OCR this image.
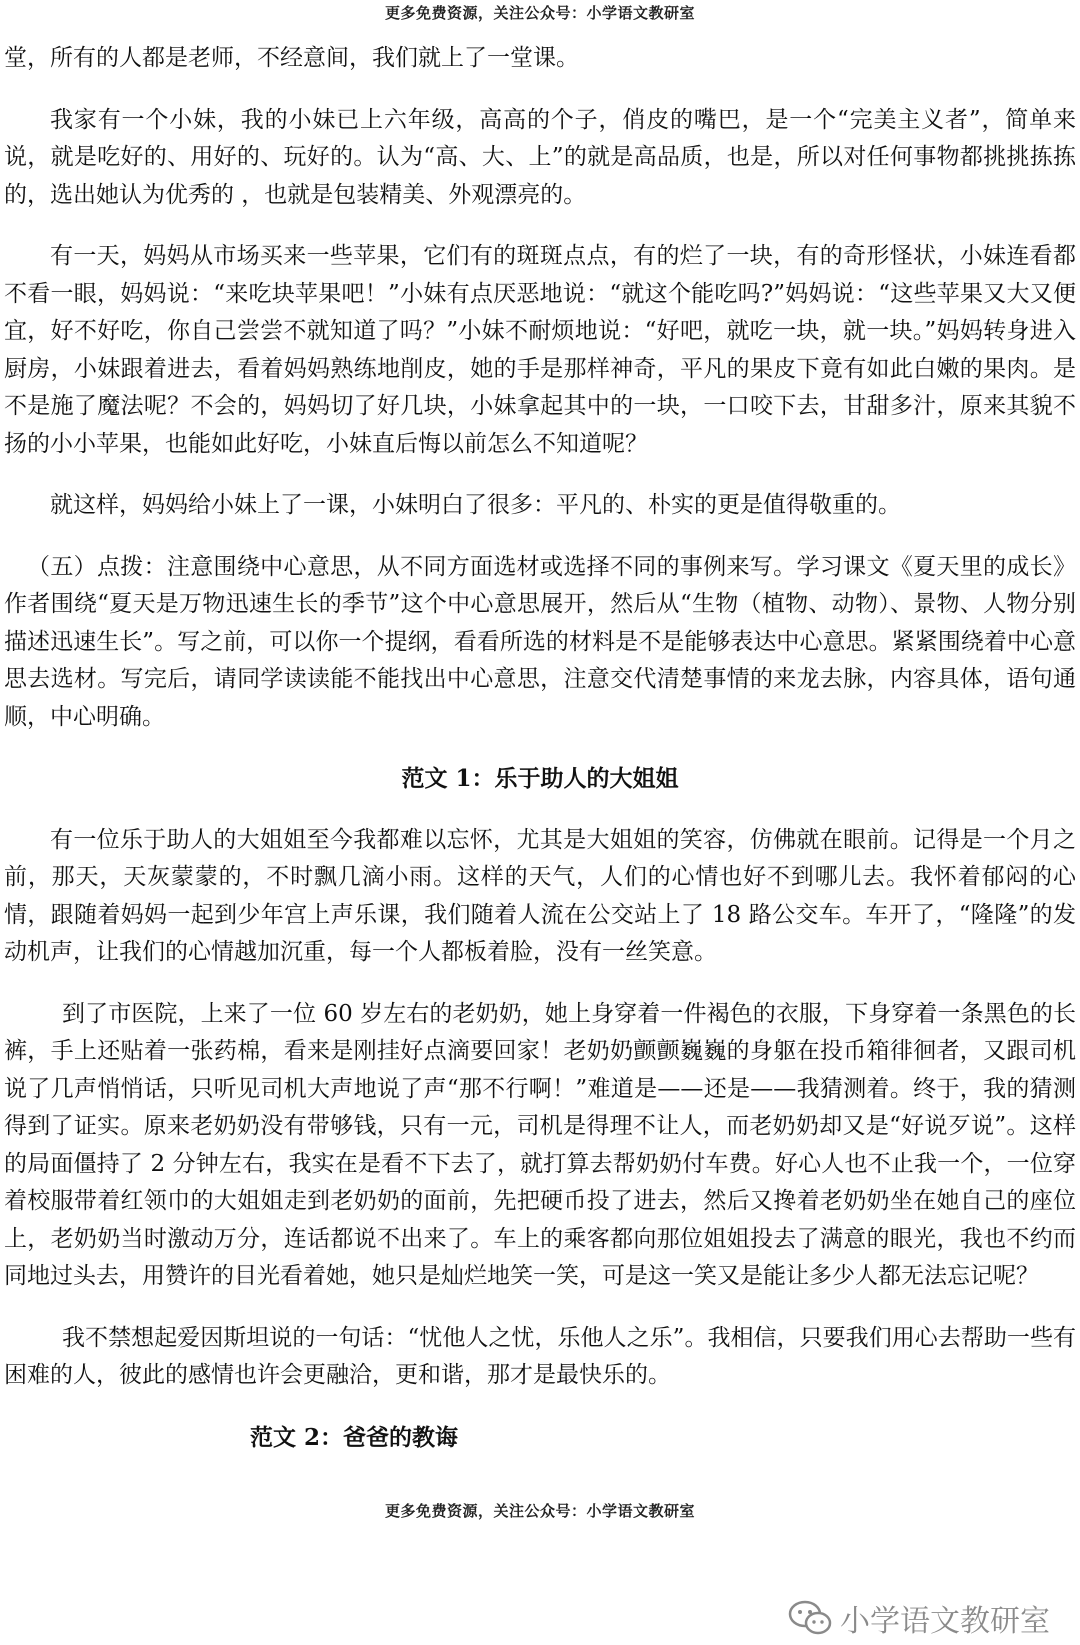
更多免费资源，关注公众号：小学语文教研室

堂，所有的人都是老师，不经意间，我们就上了一堂课。

我家有一个小妹，我的小妹已上六年级，高高的个子，俏皮的嘴巴，是一个“完美主义者”，简单来说，就是吃好的、用好的、玩好的。认为“高、大、上”的就是高品质，也是，所以对任何事物都挑挑拣拣的，选出她认为优秀的 ，也就是包装精美、外观漂亮的。

有一天，妈妈从市场买来一些苹果，它们有的斑斑点点，有的烂了一块，有的奇形怪状，小妹连看都不看一眼，妈妈说：“来吃块苹果吧！”小妹有点厌恶地说：“就这个能吃吗?”妈妈说：“这些苹果又大又便宜，好不好吃，你自己尝尝不就知道了吗？”小妹不耐烦地说：“好吧，就吃一块，就一块。”妈妈转身进入厨房，小妹跟着进去，看着妈妈熟练地削皮，她的手是那样神奇，平凡的果皮下竟有如此白嫩的果肉。是不是施了魔法呢？不会的，妈妈切了好几块，小妹拿起其中的一块，一口咬下去，甘甜多汁，原来其貌不扬的小小苹果，也能如此好吃，小妹直后悔以前怎么不知道呢？

就这样，妈妈给小妹上了一课，小妹明白了很多：平凡的、朴实的更是值得敬重的。

（五）点拨：注意围绕中心意思，从不同方面选材或选择不同的事例来写。学习课文《夏天里的成长》作者围绕“夏天是万物迅速生长的季节”这个中心意思展开，然后从“生物（植物、动物）、景物、人物分别描述迅速生长”。写之前，可以你一个提纲，看看所选的材料是不是能够表达中心意思。紧紧围绕着中心意思去选材。写完后，请同学读读能不能找出中心意思，注意交代清楚事情的来龙去脉，内容具体，语句通顺，中心明确。

范文 1：乐于助人的大姐姐

有一位乐于助人的大姐姐至今我都难以忘怀，尤其是大姐姐的笑容，仿佛就在眼前。记得是一个月之前，那天，天灰蒙蒙的，不时飘几滴小雨。这样的天气，人们的心情也好不到哪儿去。我怀着郁闷的心情，跟随着妈妈一起到少年宫上声乐课，我们随着人流在公交站上了 18 路公交车。车开了，“隆隆”的发动机声，让我们的心情越加沉重，每一个人都板着脸，没有一丝笑意。

到了市医院，上来了一位 60 岁左右的老奶奶，她上身穿着一件褐色的衣服，下身穿着一条黑色的长裤，手上还贴着一张药棉，看来是刚挂好点滴要回家！老奶奶颤颤巍巍的身躯在投币箱徘徊者，又跟司机说了几声悄悄话，只听见司机大声地说了声“那不行啊！”难道是——还是——我猜测着。终于，我的猜测得到了证实。原来老奶奶没有带够钱，只有一元，司机是得理不让人，而老奶奶却又是“好说歹说”。这样的局面僵持了 2 分钟左右，我实在是看不下去了，就打算去帮奶奶付车费。好心人也不止我一个，一位穿着校服带着红领巾的大姐姐走到老奶奶的面前，先把硬币投了进去，然后又搀着老奶奶坐在她自己的座位上，老奶奶当时激动万分，连话都说不出来了。车上的乘客都向那位姐姐投去了满意的眼光，我也不约而同地过头去，用赞许的目光看着她，她只是灿烂地笑一笑，可是这一笑又是能让多少人都无法忘记呢？

我不禁想起爱因斯坦说的一句话：“忧他人之忧，乐他人之乐”。我相信，只要我们用心去帮助一些有困难的人，彼此的感情也许会更融洽，更和谐，那才是最快乐的。

范文 2：爸爸的教诲
更多免费资源，关注公众号：小学语文教研室
小学语文教研室
